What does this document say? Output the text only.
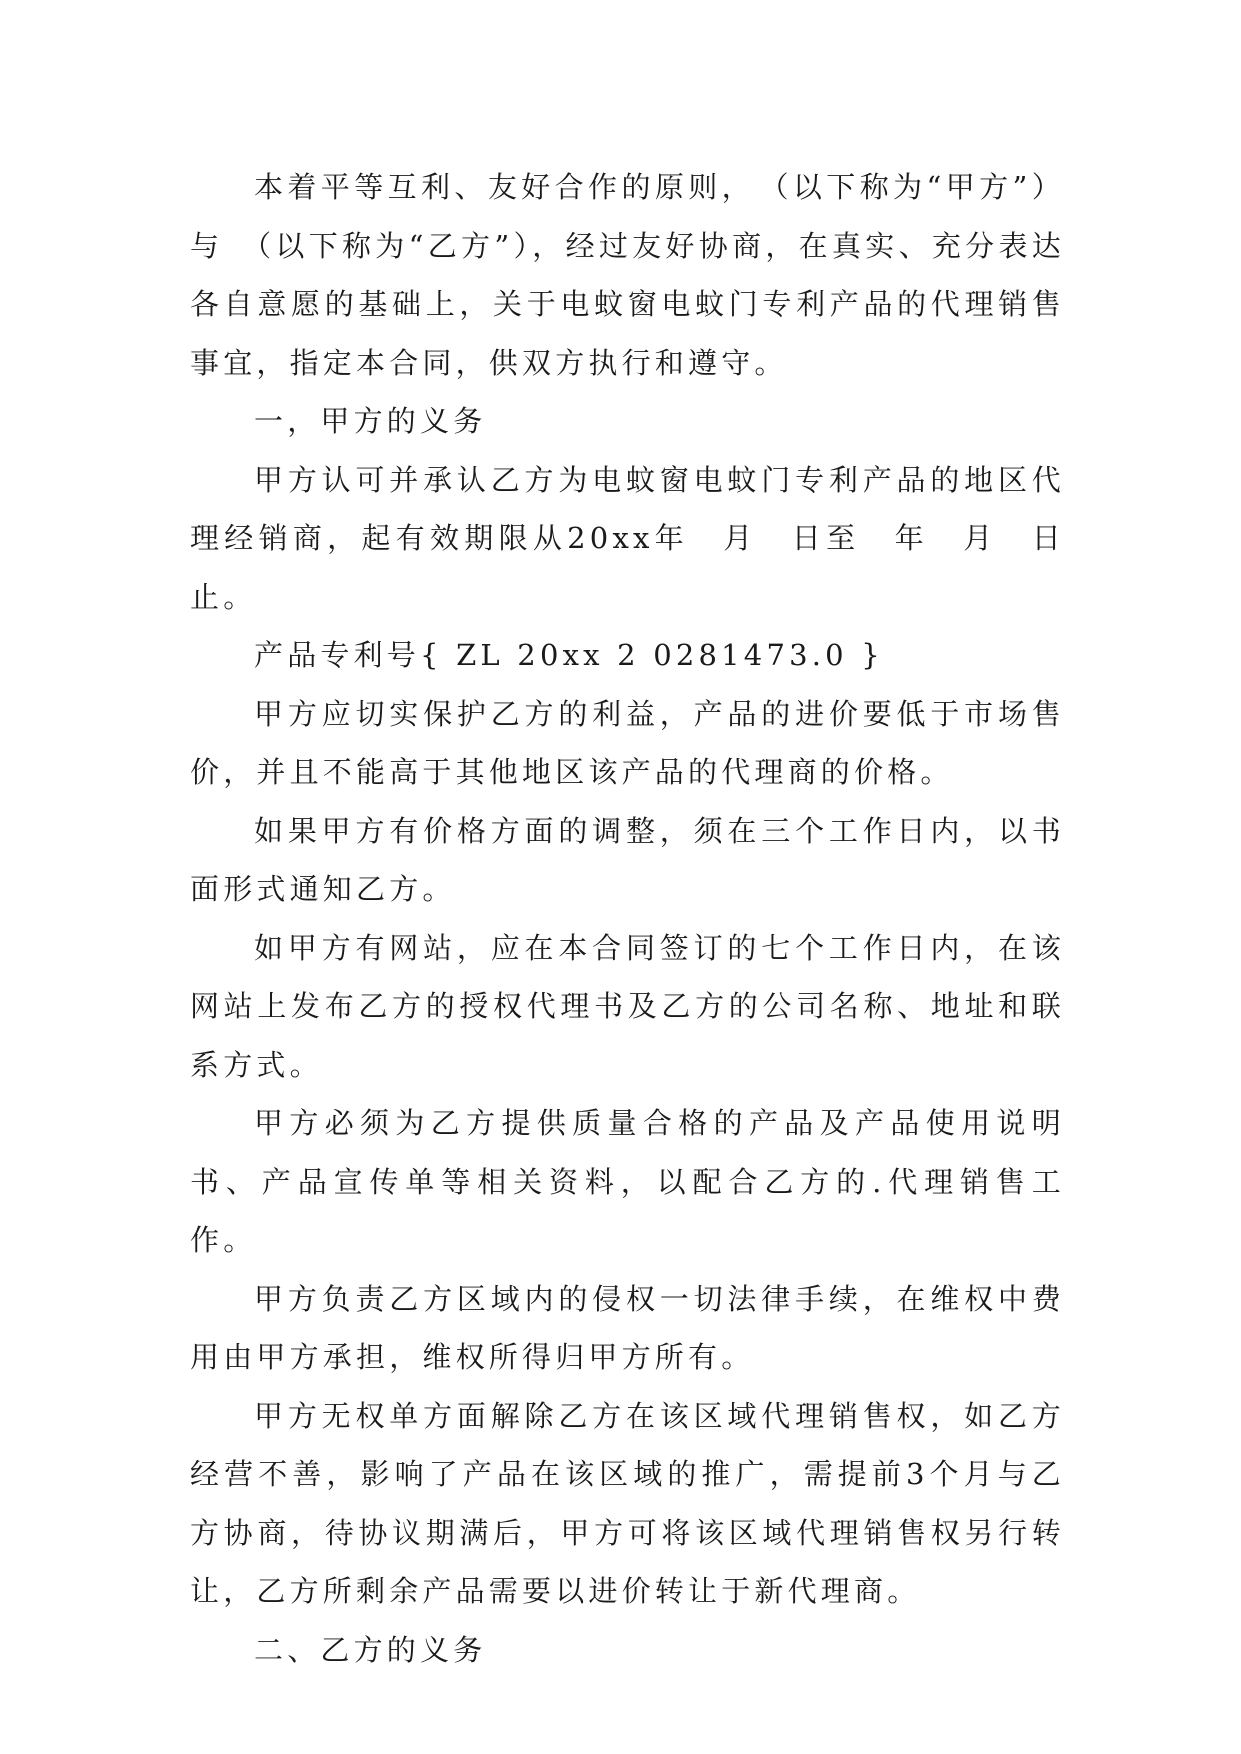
本着平等互利、友好合作的原则，　（以下称为“甲方”）与　（以下称为“乙方”），经过友好协商，在真实、充分表达各自意愿的基础上，关于电蚊窗电蚊门专利产品的代理销售事宜，指定本合同，供双方执行和遵守。

一，甲方的义务

甲方认可并承认乙方为电蚊窗电蚊门专利产品的地区代理经销商，起有效期限从20xx年　月　日至　年　月　日止。

产品专利号{ ZL 20xx 2 0281473.0 }

甲方应切实保护乙方的利益，产品的进价要低于市场售价，并且不能高于其他地区该产品的代理商的价格。

如果甲方有价格方面的调整，须在三个工作日内，以书面形式通知乙方。

如甲方有网站，应在本合同签订的七个工作日内，在该网站上发布乙方的授权代理书及乙方的公司名称、地址和联系方式。

甲方必须为乙方提供质量合格的产品及产品使用说明书、产品宣传单等相关资料，以配合乙方的.代理销售工作。

甲方负责乙方区域内的侵权一切法律手续，在维权中费用由甲方承担，维权所得归甲方所有。

甲方无权单方面解除乙方在该区域代理销售权，如乙方经营不善，影响了产品在该区域的推广，需提前3个月与乙方协商，待协议期满后，甲方可将该区域代理销售权另行转让，乙方所剩余产品需要以进价转让于新代理商。

二、乙方的义务
